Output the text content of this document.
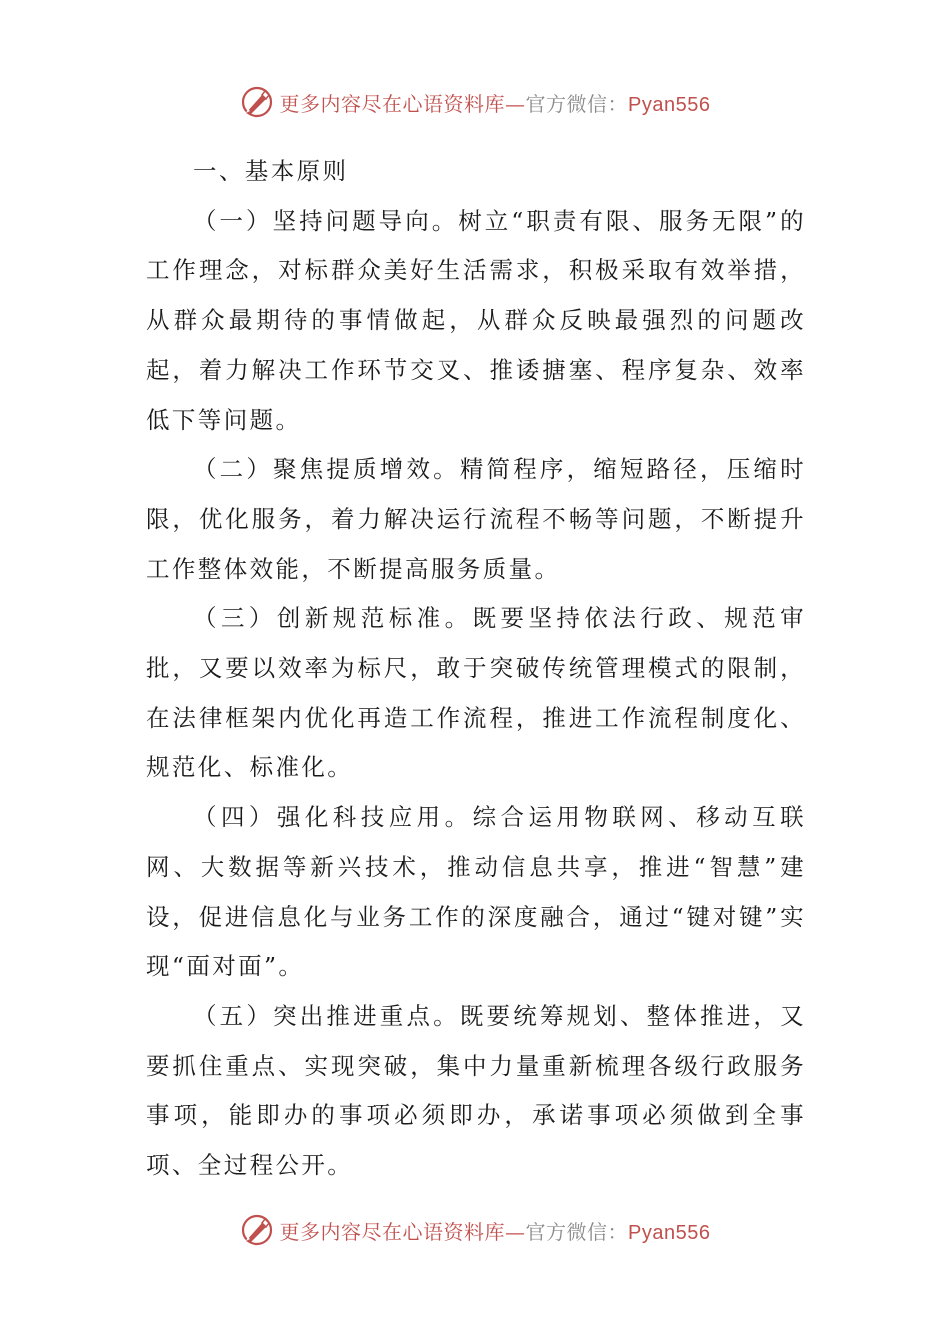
更多内容尽在心语资料库—官方微信：Pyan556

一、基本原则

（一）坚持问题导向。树立“职责有限、服务无限”的工作理念，对标群众美好生活需求，积极采取有效举措，从群众最期待的事情做起，从群众反映最强烈的问题改起，着力解决工作环节交叉、推诿搪塞、程序复杂、效率低下等问题。

（二）聚焦提质增效。精简程序，缩短路径，压缩时限，优化服务，着力解决运行流程不畅等问题，不断提升工作整体效能，不断提高服务质量。

（三）创新规范标准。既要坚持依法行政、规范审批，又要以效率为标尺，敢于突破传统管理模式的限制，在法律框架内优化再造工作流程，推进工作流程制度化、规范化、标准化。

（四）强化科技应用。综合运用物联网、移动互联网、大数据等新兴技术，推动信息共享，推进“智慧”建设，促进信息化与业务工作的深度融合，通过“键对键”实现“面对面”。

（五）突出推进重点。既要统筹规划、整体推进，又要抓住重点、实现突破，集中力量重新梳理各级行政服务事项，能即办的事项必须即办，承诺事项必须做到全事项、全过程公开。

更多内容尽在心语资料库—官方微信：Pyan556
